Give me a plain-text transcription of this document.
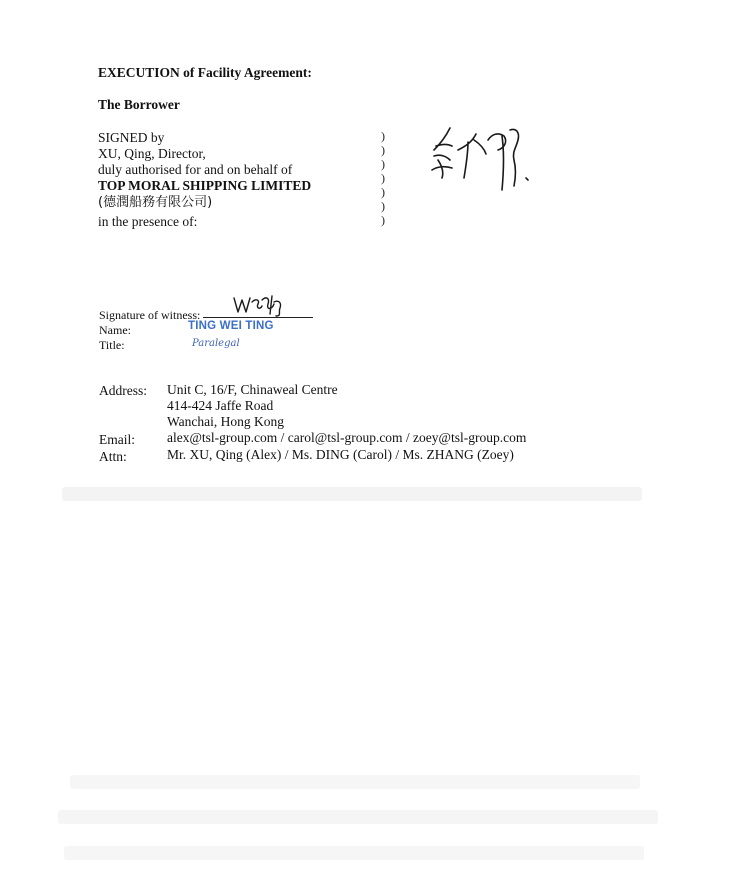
EXECUTION of Facility Agreement:
The Borrower
SIGNED by
XU, Qing, Director,
duly authorised for and on behalf of
TOP MORAL SHIPPING LIMITED
(德潤船務有限公司)
in the presence of:
)
)
)
)
)
)
)
Signature of witness:
Name:	TING WEI TING
Title:	Paralegal
Address: Unit C, 16/F, Chinaweal Centre
414-424 Jaffe Road
Wanchai, Hong Kong
Email: alex@tsl-group.com / carol@tsl-group.com / zoey@tsl-group.com
Attn:	Mr. XU, Qing (Alex) / Ms. DING (Carol) / Ms. ZHANG (Zoey)
